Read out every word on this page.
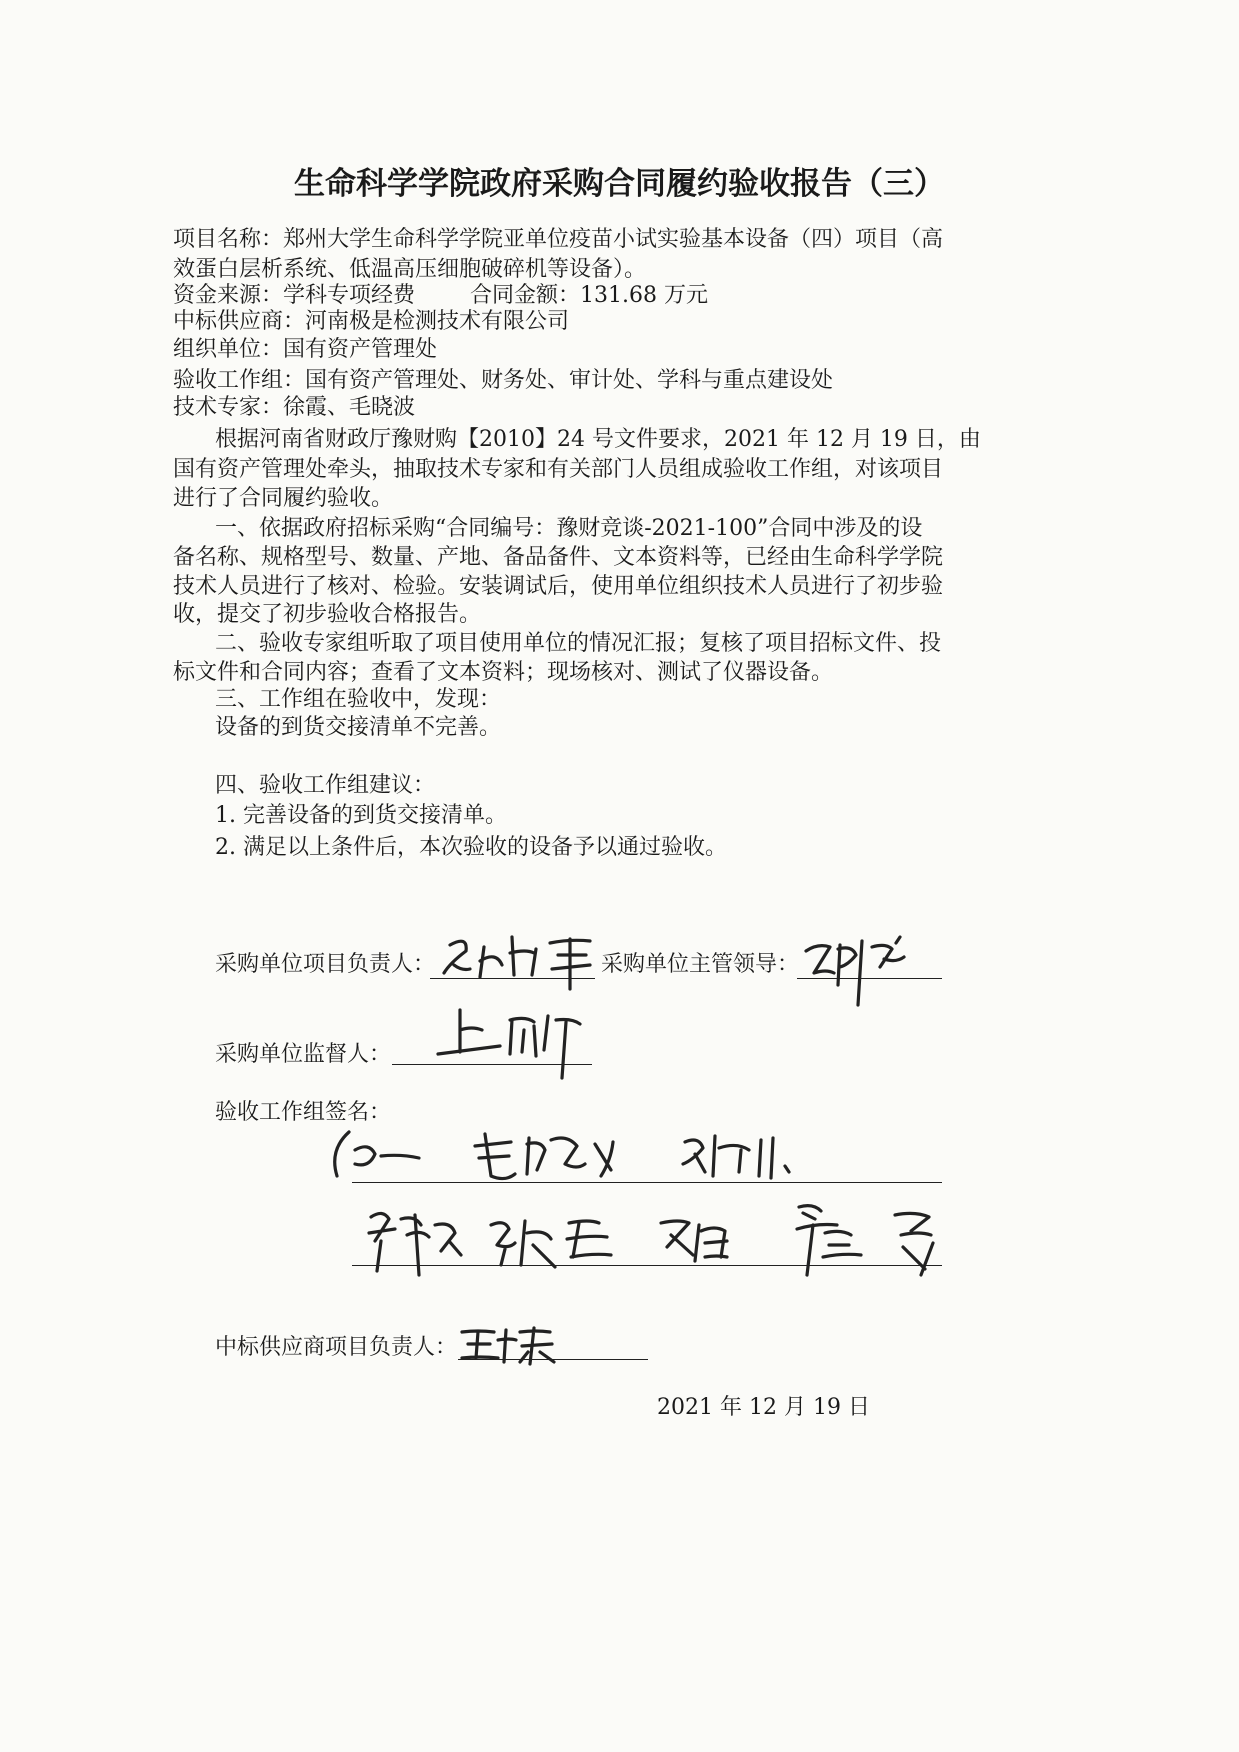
生命科学学院政府采购合同履约验收报告（三）
项目名称：郑州大学生命科学学院亚单位疫苗小试实验基本设备（四）项目（高
效蛋白层析系统、低温高压细胞破碎机等设备）。
资金来源：学科专项经费 合同金额：131.68 万元
中标供应商：河南极是检测技术有限公司
组织单位：国有资产管理处
验收工作组：国有资产管理处、财务处、审计处、学科与重点建设处
技术专家：徐霞、毛晓波
根据河南省财政厅豫财购【2010】24 号文件要求，2021 年 12 月 19 日，由
国有资产管理处牵头，抽取技术专家和有关部门人员组成验收工作组，对该项目
进行了合同履约验收。
一、依据政府招标采购“合同编号：豫财竞谈-2021-100”合同中涉及的设
备名称、规格型号、数量、产地、备品备件、文本资料等，已经由生命科学学院
技术人员进行了核对、检验。安装调试后，使用单位组织技术人员进行了初步验
收，提交了初步验收合格报告。
二、验收专家组听取了项目使用单位的情况汇报；复核了项目招标文件、投
标文件和合同内容；查看了文本资料；现场核对、测试了仪器设备。
三、工作组在验收中，发现：
设备的到货交接清单不完善。
四、验收工作组建议：
1. 完善设备的到货交接清单。
2. 满足以上条件后，本次验收的设备予以通过验收。
采购单位项目负责人：	采购单位主管领导：
采购单位监督人：
验收工作组签名：
中标供应商项目负责人：
2021 年 12 月 19 日
